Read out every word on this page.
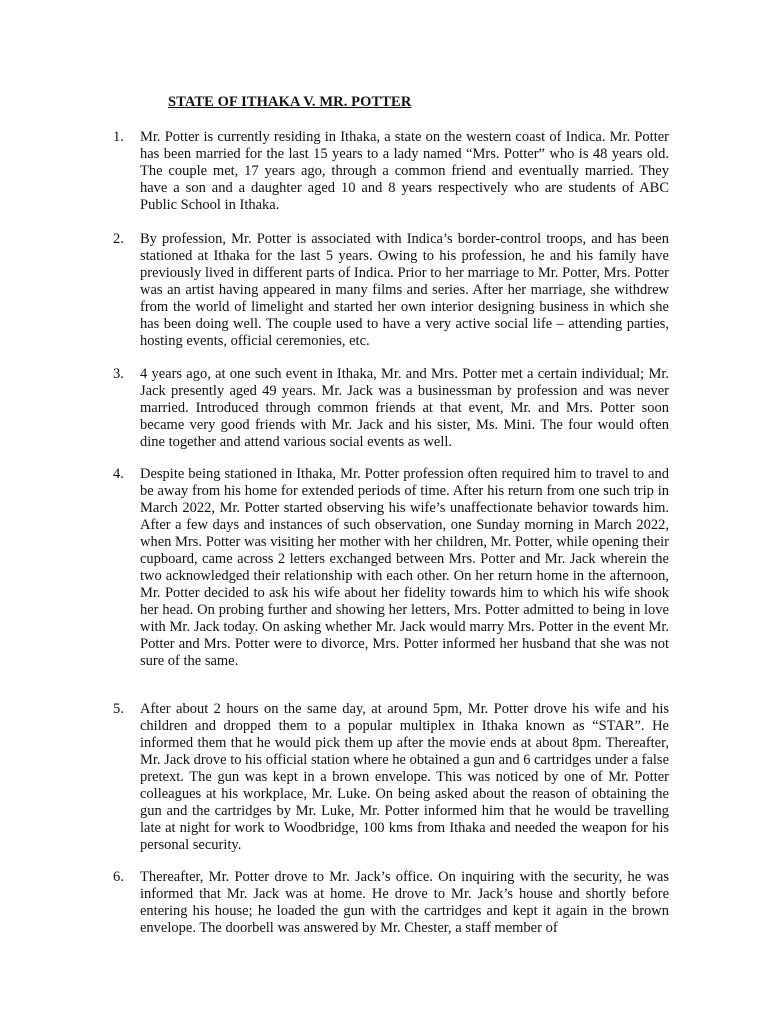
STATE OF ITHAKA V. MR. POTTER
1.	Mr. Potter is currently residing in Ithaka, a state on the western coast of Indica. Mr. Potter has been married for the last 15 years to a lady named “Mrs. Potter” who is 48 years old. The couple met, 17 years ago, through a common friend and eventually married. They have a son and a daughter aged 10 and 8 years respectively who are students of ABC Public School in Ithaka.
2.	By profession, Mr. Potter is associated with Indica’s border-control troops, and has been stationed at Ithaka for the last 5 years. Owing to his profession, he and his family have previously lived in different parts of Indica. Prior to her marriage to Mr. Potter, Mrs. Potter was an artist having appeared in many films and series. After her marriage, she withdrew from the world of limelight and started her own interior designing business in which she has been doing well. The couple used to have a very active social life – attending parties, hosting events, official ceremonies, etc.
3.	4 years ago, at one such event in Ithaka, Mr. and Mrs. Potter met a certain individual; Mr. Jack presently aged 49 years. Mr. Jack was a businessman by profession and was never married. Introduced through common friends at that event, Mr. and Mrs. Potter soon became very good friends with Mr. Jack and his sister, Ms. Mini. The four would often dine together and attend various social events as well.
4.	Despite being stationed in Ithaka, Mr. Potter profession often required him to travel to and be away from his home for extended periods of time. After his return from one such trip in March 2022, Mr. Potter started observing his wife’s unaffectionate behavior towards him. After a few days and instances of such observation, one Sunday morning in March 2022, when Mrs. Potter was visiting her mother with her children, Mr. Potter, while opening their cupboard, came across 2 letters exchanged between Mrs. Potter and Mr. Jack wherein the two acknowledged their relationship with each other. On her return home in the afternoon, Mr. Potter decided to ask his wife about her fidelity towards him to which his wife shook her head. On probing further and showing her letters, Mrs. Potter admitted to being in love with Mr. Jack today. On asking whether Mr. Jack would marry Mrs. Potter in the event Mr. Potter and Mrs. Potter were to divorce, Mrs. Potter informed her husband that she was not sure of the same.
5.	After about 2 hours on the same day, at around 5pm, Mr. Potter drove his wife and his children and dropped them to a popular multiplex in Ithaka known as “STAR”. He informed them that he would pick them up after the movie ends at about 8pm. Thereafter, Mr. Jack drove to his official station where he obtained a gun and 6 cartridges under a false pretext. The gun was kept in a brown envelope. This was noticed by one of Mr. Potter colleagues at his workplace, Mr. Luke. On being asked about the reason of obtaining the gun and the cartridges by Mr. Luke, Mr. Potter informed him that he would be travelling late at night for work to Woodbridge, 100 kms from Ithaka and needed the weapon for his personal security.
6.	Thereafter, Mr. Potter drove to Mr. Jack’s office. On inquiring with the security, he was informed that Mr. Jack was at home. He drove to Mr. Jack’s house and shortly before entering his house; he loaded the gun with the cartridges and kept it again in the brown envelope. The doorbell was answered by Mr. Chester, a staff member of
